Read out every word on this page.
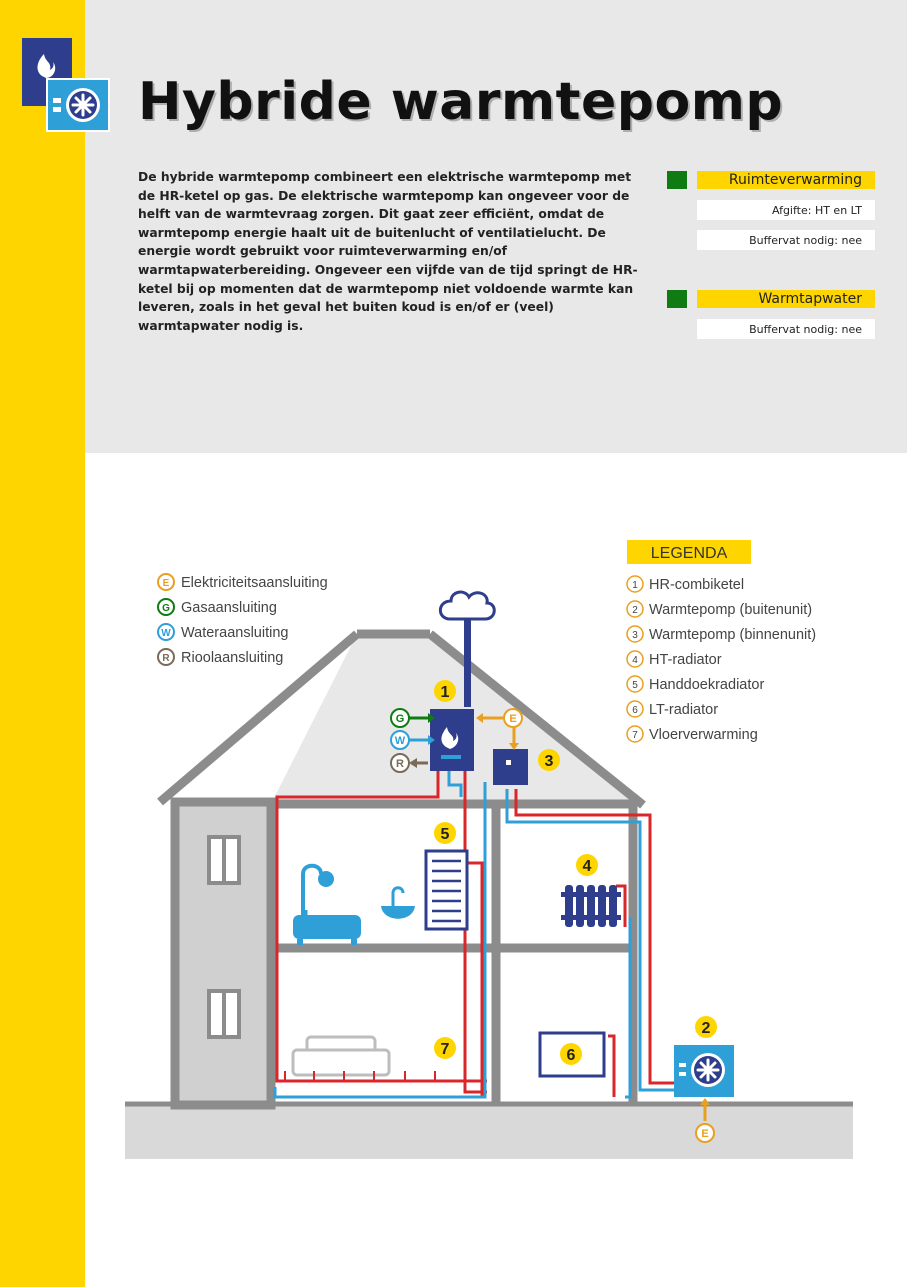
Hybride warmtepomp

De hybride warmtepomp combineert een elektrische warmtepomp met de HR-ketel op gas. De elektrische warmtepomp kan ongeveer voor de helft van de warmtevraag zorgen. Dit gaat zeer efficiënt, omdat de warmtepomp energie haalt uit de buitenlucht of ventilatielucht. De energie wordt gebruikt voor ruimteverwarming en/of warmtapwaterbereiding. Ongeveer een vijfde van de tijd springt de HR-ketel bij op momenten dat de warmtepomp niet voldoende warmte kan leveren, zoals in het geval het buiten koud is en/of er (veel) warmtapwater nodig is.

Ruimteverwarming
Afgifte: HT en LT
Buffervat nodig: nee
Warmtapwater
Buffervat nodig: nee
1
3
5
4
7	6
2
G
W
R
E
E
E Elektriciteitsaansluiting
G Gasaansluiting
W Wateraansluiting
R Rioolaansluiting
LEGENDA
1 HR-combiketel
2 Warmtepomp (buitenunit)
3 Warmtepomp (binnenunit)
4 HT-radiator
5 Handdoekradiator
6 LT-radiator
7 Vloerverwarming
